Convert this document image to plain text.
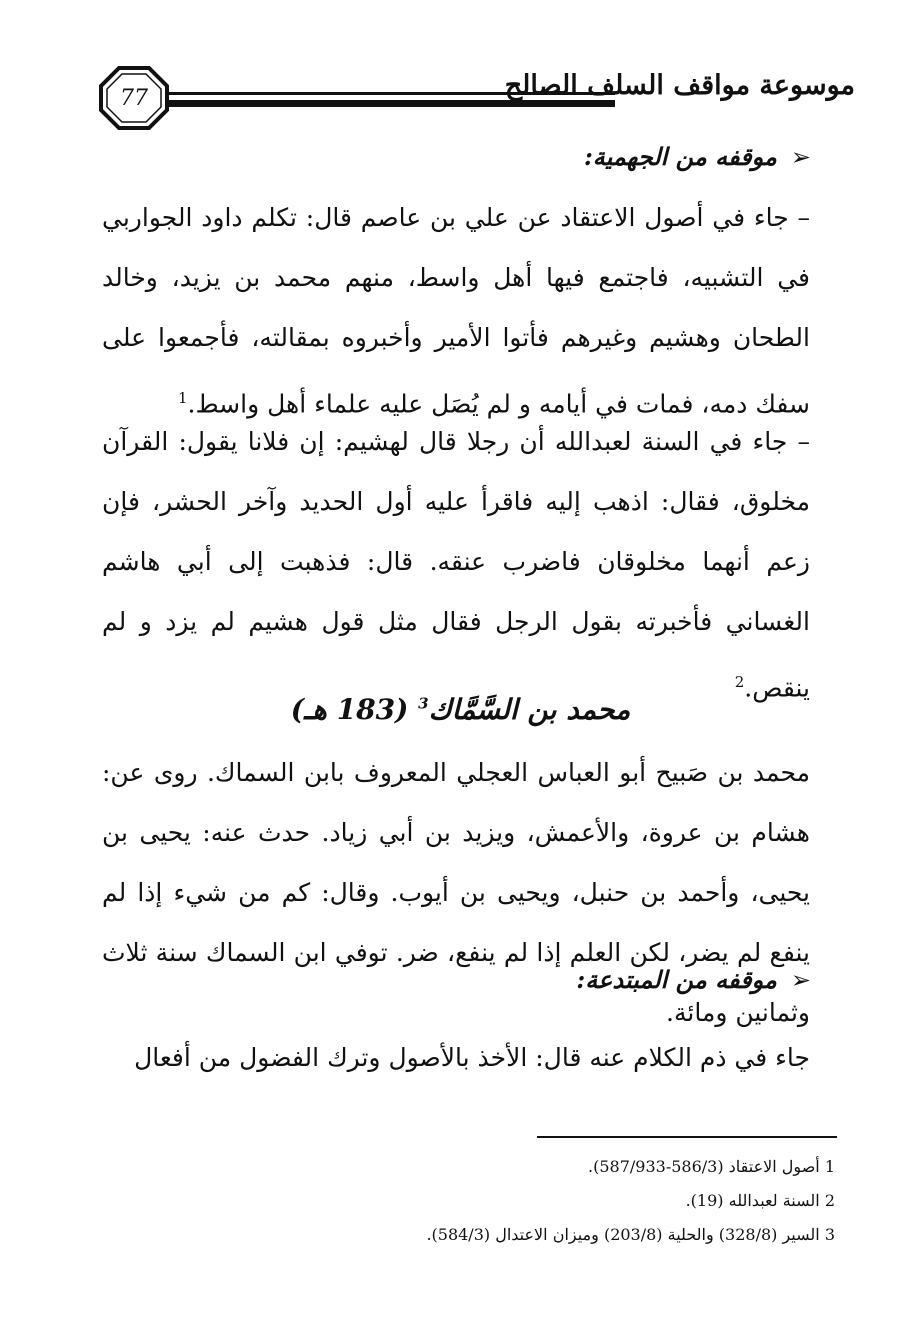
77	موسوعة مواقف السلف الصالح
➢موقفه من الجهمية:
– جاء في أصول الاعتقاد عن علي بن عاصم قال: تكلم داود الجواربي في التشبيه، فاجتمع فيها أهل واسط، منهم محمد بن يزيد، وخالد الطحان وهشيم وغيرهم فأتوا الأمير وأخبروه بمقالته، فأجمعوا على سفك دمه، فمات في أيامه و لم يُصَل عليه علماء أهل واسط.$^1$
– جاء في السنة لعبدالله أن رجلا قال لهشيم: إن فلانا يقول: القرآن مخلوق، فقال: اذهب إليه فاقرأ عليه أول الحديد وآخر الحشر، فإن زعم أنهما مخلوقان فاضرب عنقه. قال: فذهبت إلى أبي هاشم الغساني فأخبرته بقول الرجل فقال مثل قول هشيم لم يزد و لم ينقص.$^2$
محمد بن السَّمَّاك$^3$ (183 هـ)
محمد بن صَبيح أبو العباس العجلي المعروف بابن السماك. روى عن: هشام بن عروة، والأعمش، ويزيد بن أبي زياد. حدث عنه: يحيى بن يحيى، وأحمد بن حنبل، ويحيى بن أيوب. وقال: كم من شيء إذا لم ينفع لم يضر، لكن العلم إذا لم ينفع، ضر. توفي ابن السماك سنة ثلاث وثمانين ومائة.
➢موقفه من المبتدعة:
جاء في ذم الكلام عنه قال: الأخذ بالأصول وترك الفضول من أفعال
1 أصول الاعتقاد (586/3-587/933).
2 السنة لعبدالله (19).
3 السير (328/8) والحلية (203/8) وميزان الاعتدال (584/3).
